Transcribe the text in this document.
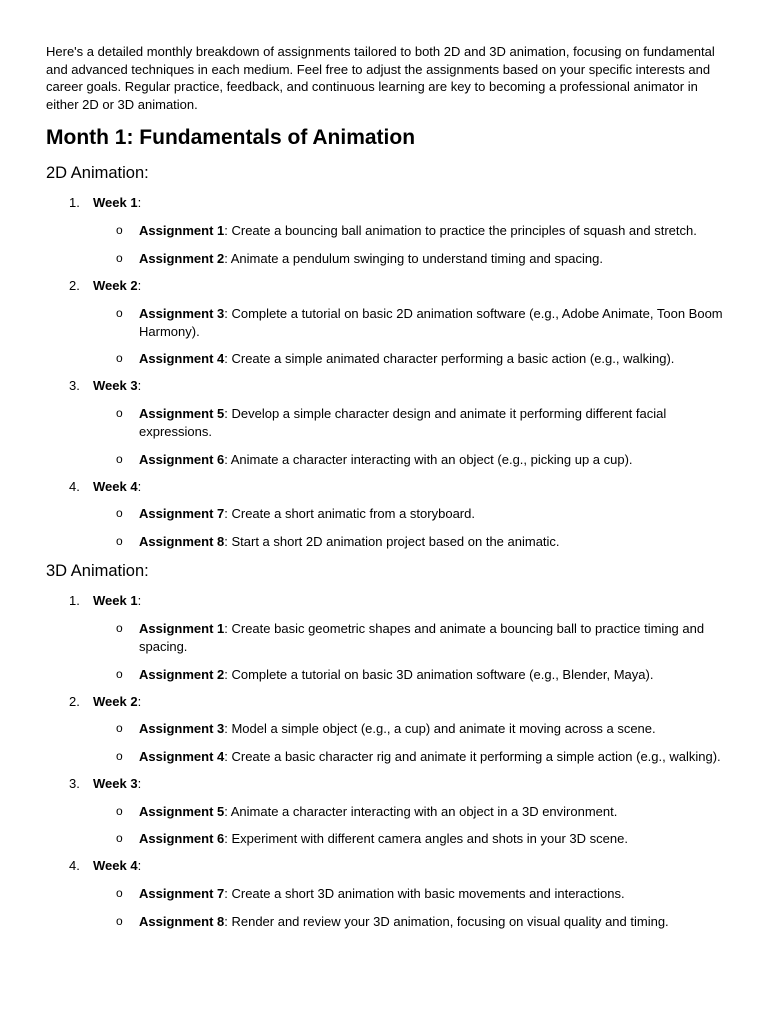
Here's a detailed monthly breakdown of assignments tailored to both 2D and 3D animation, focusing on fundamental and advanced techniques in each medium. Feel free to adjust the assignments based on your specific interests and career goals. Regular practice, feedback, and continuous learning are key to becoming a professional animator in either 2D or 3D animation.
Month 1: Fundamentals of Animation
2D Animation:
1.	Week 1:
o Assignment 1: Create a bouncing ball animation to practice the principles of squash and stretch.
o Assignment 2: Animate a pendulum swinging to understand timing and spacing.
2.	Week 2:
o Assignment 3: Complete a tutorial on basic 2D animation software (e.g., Adobe Animate, Toon Boom Harmony).
o Assignment 4: Create a simple animated character performing a basic action (e.g., walking).
3.	Week 3:
o Assignment 5: Develop a simple character design and animate it performing different facial expressions.
o Assignment 6: Animate a character interacting with an object (e.g., picking up a cup).
4.	Week 4:
o Assignment 7: Create a short animatic from a storyboard.
o Assignment 8: Start a short 2D animation project based on the animatic.
3D Animation:
1.	Week 1:
o Assignment 1: Create basic geometric shapes and animate a bouncing ball to practice timing and spacing.
o Assignment 2: Complete a tutorial on basic 3D animation software (e.g., Blender, Maya).
2.	Week 2:
o Assignment 3: Model a simple object (e.g., a cup) and animate it moving across a scene.
o Assignment 4: Create a basic character rig and animate it performing a simple action (e.g., walking).
3.	Week 3:
o Assignment 5: Animate a character interacting with an object in a 3D environment.
o Assignment 6: Experiment with different camera angles and shots in your 3D scene.
4.	Week 4:
o Assignment 7: Create a short 3D animation with basic movements and interactions.
o Assignment 8: Render and review your 3D animation, focusing on visual quality and timing.
